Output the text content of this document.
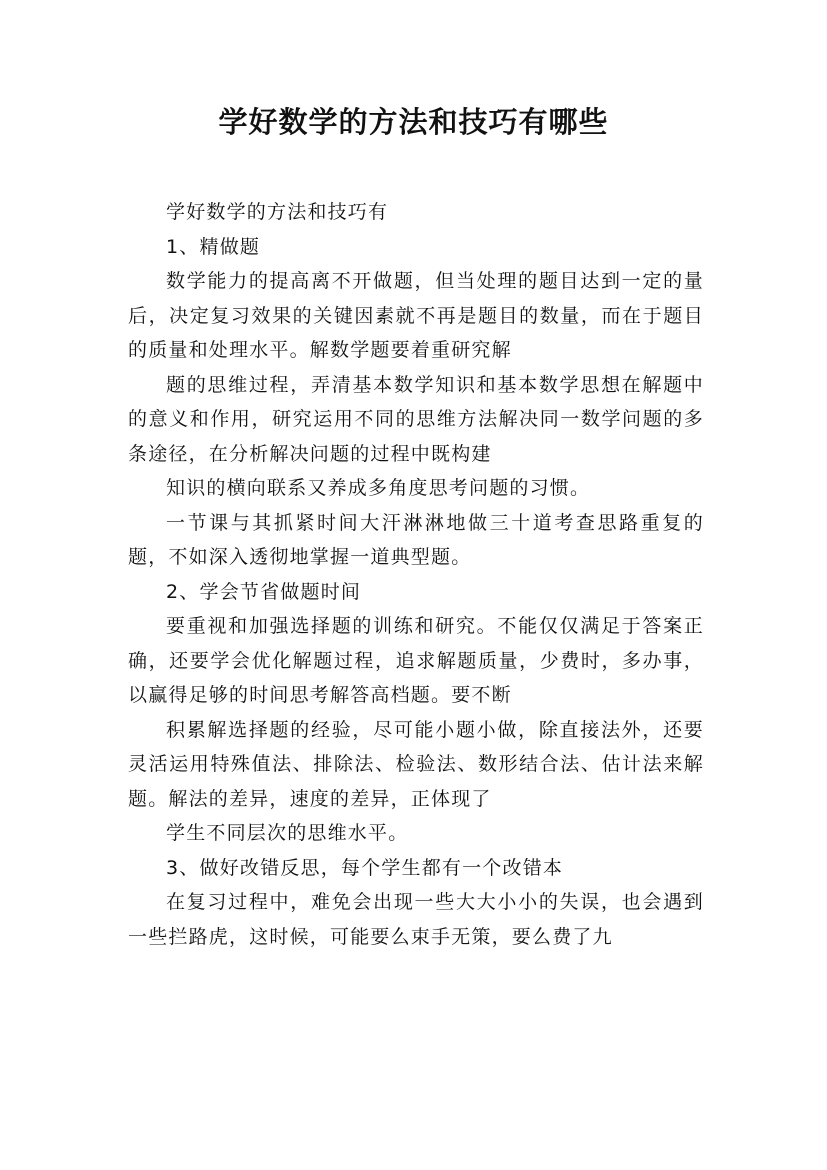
学好数学的方法和技巧有哪些

学好数学的方法和技巧有

1、精做题

数学能力的提高离不开做题，但当处理的题目达到一定的量后，决定复习效果的关键因素就不再是题目的数量，而在于题目的质量和处理水平。解数学题要着重研究解

题的思维过程，弄清基本数学知识和基本数学思想在解题中的意义和作用，研究运用不同的思维方法解决同一数学问题的多条途径，在分析解决问题的过程中既构建

知识的横向联系又养成多角度思考问题的习惯。

一节课与其抓紧时间大汗淋淋地做三十道考查思路重复的题，不如深入透彻地掌握一道典型题。

2、学会节省做题时间

要重视和加强选择题的训练和研究。不能仅仅满足于答案正确，还要学会优化解题过程，追求解题质量，少费时，多办事，以赢得足够的时间思考解答高档题。要不断

积累解选择题的经验，尽可能小题小做，除直接法外，还要灵活运用特殊值法、排除法、检验法、数形结合法、估计法来解题。解法的差异，速度的差异，正体现了

学生不同层次的思维水平。

3、做好改错反思，每个学生都有一个改错本

在复习过程中，难免会出现一些大大小小的失误，也会遇到一些拦路虎，这时候，可能要么束手无策，要么费了九
